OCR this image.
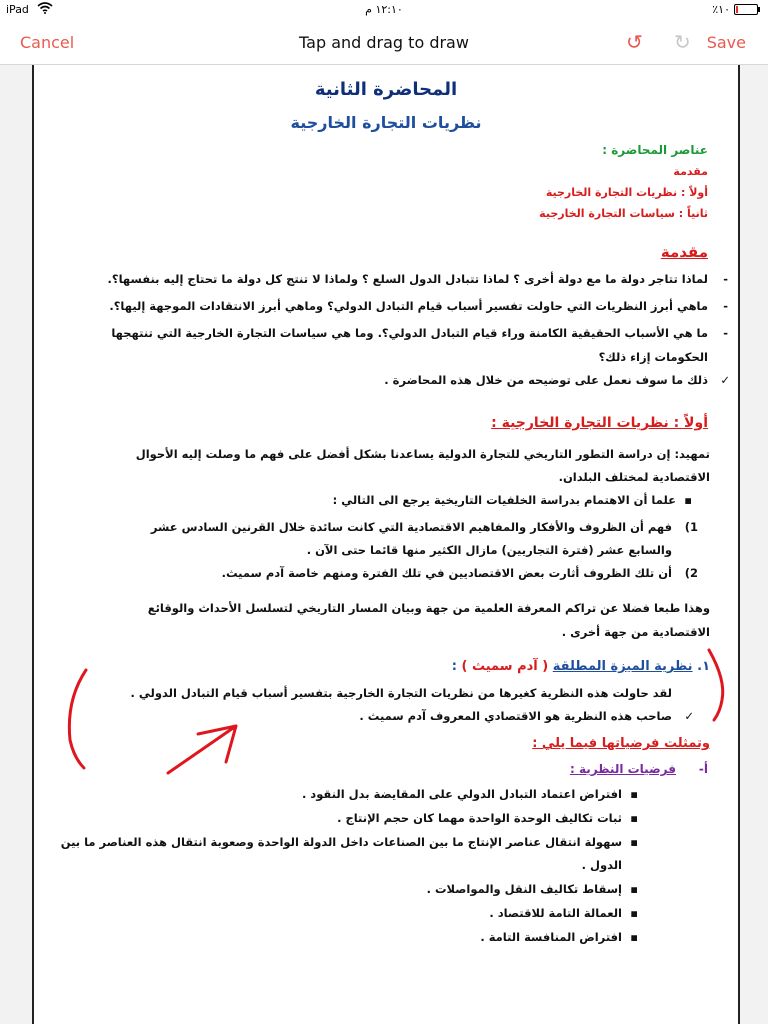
iPad	١٢:١٠ م	٪١٠
Cancel	Tap and drag to draw	↺ ↻ Save
المحاضرة الثانية
نظريات التجارة الخارجية
عناصر المحاضرة :
مقدمة
أولاً : نظريات التجارة الخارجية
ثانياً : سياسات التجارة الخارجية
مقدمة
-
لماذا تتاجر دولة ما مع دولة أخرى ؟ لماذا تتبادل الدول السلع ؟ ولماذا لا تنتج كل دولة ما تحتاج إليه بنفسها؟.
-
ماهي أبرز النظريات التي حاولت تفسير أسباب قيام التبادل الدولي؟ وماهي أبرز الانتقادات الموجهة إليها؟.
-
ما هي الأسباب الحقيقية الكامنة وراء قيام التبادل الدولي؟. وما هي سياسات التجارة الخارجية التي تنتهجها
الحكومات إزاء ذلك؟
✓
ذلك ما سوف نعمل على توضيحه من خلال هذه المحاضرة .
أولاً : نظريات التجارة الخارجية :
تمهيد: إن دراسة التطور التاريخي للتجارة الدولية يساعدنا بشكل أفضل على فهم ما وصلت إليه الأحوال
الاقتصادية لمختلف البلدان.
▪
علما أن الاهتمام بدراسة الخلفيات التاريخية يرجع الى التالي :
1)
فهم أن الظروف والأفكار والمفاهيم الاقتصادية التي كانت سائدة خلال القرنين السادس عشر
والسابع عشر (فترة التجاريين) مازال الكثير منها قائما حتى الآن .
2)
أن تلك الظروف أثارت بعض الاقتصاديين في تلك الفترة ومنهم خاصة آدم سميث.
وهذا طبعا فضلا عن تراكم المعرفة العلمية من جهة وبيان المسار التاريخي لتسلسل الأحداث والوقائع
الاقتصادية من جهة أخرى .
١. نظرية الميزة المطلقة ( آدم سميث ) :
لقد حاولت هذه النظرية كغيرها من نظريات التجارة الخارجية بتفسير أسباب قيام التبادل الدولي .
✓
صاحب هذه النظرية هو الاقتصادي المعروف آدم سميث .
وتمثلت فرضياتها فيما يلي :
أ-
فرضيات النظرية :
▪
افتراض اعتماد التبادل الدولي على المقايضة بدل النقود .
▪
ثبات تكاليف الوحدة الواحدة مهما كان حجم الإنتاج .
▪
سهولة انتقال عناصر الإنتاج ما بين الصناعات داخل الدولة الواحدة وصعوبة انتقال هذه العناصر ما بين
الدول .
▪
إسقاط تكاليف النقل والمواصلات .
▪
العمالة التامة للاقتصاد .
▪
افتراض المنافسة التامة .
